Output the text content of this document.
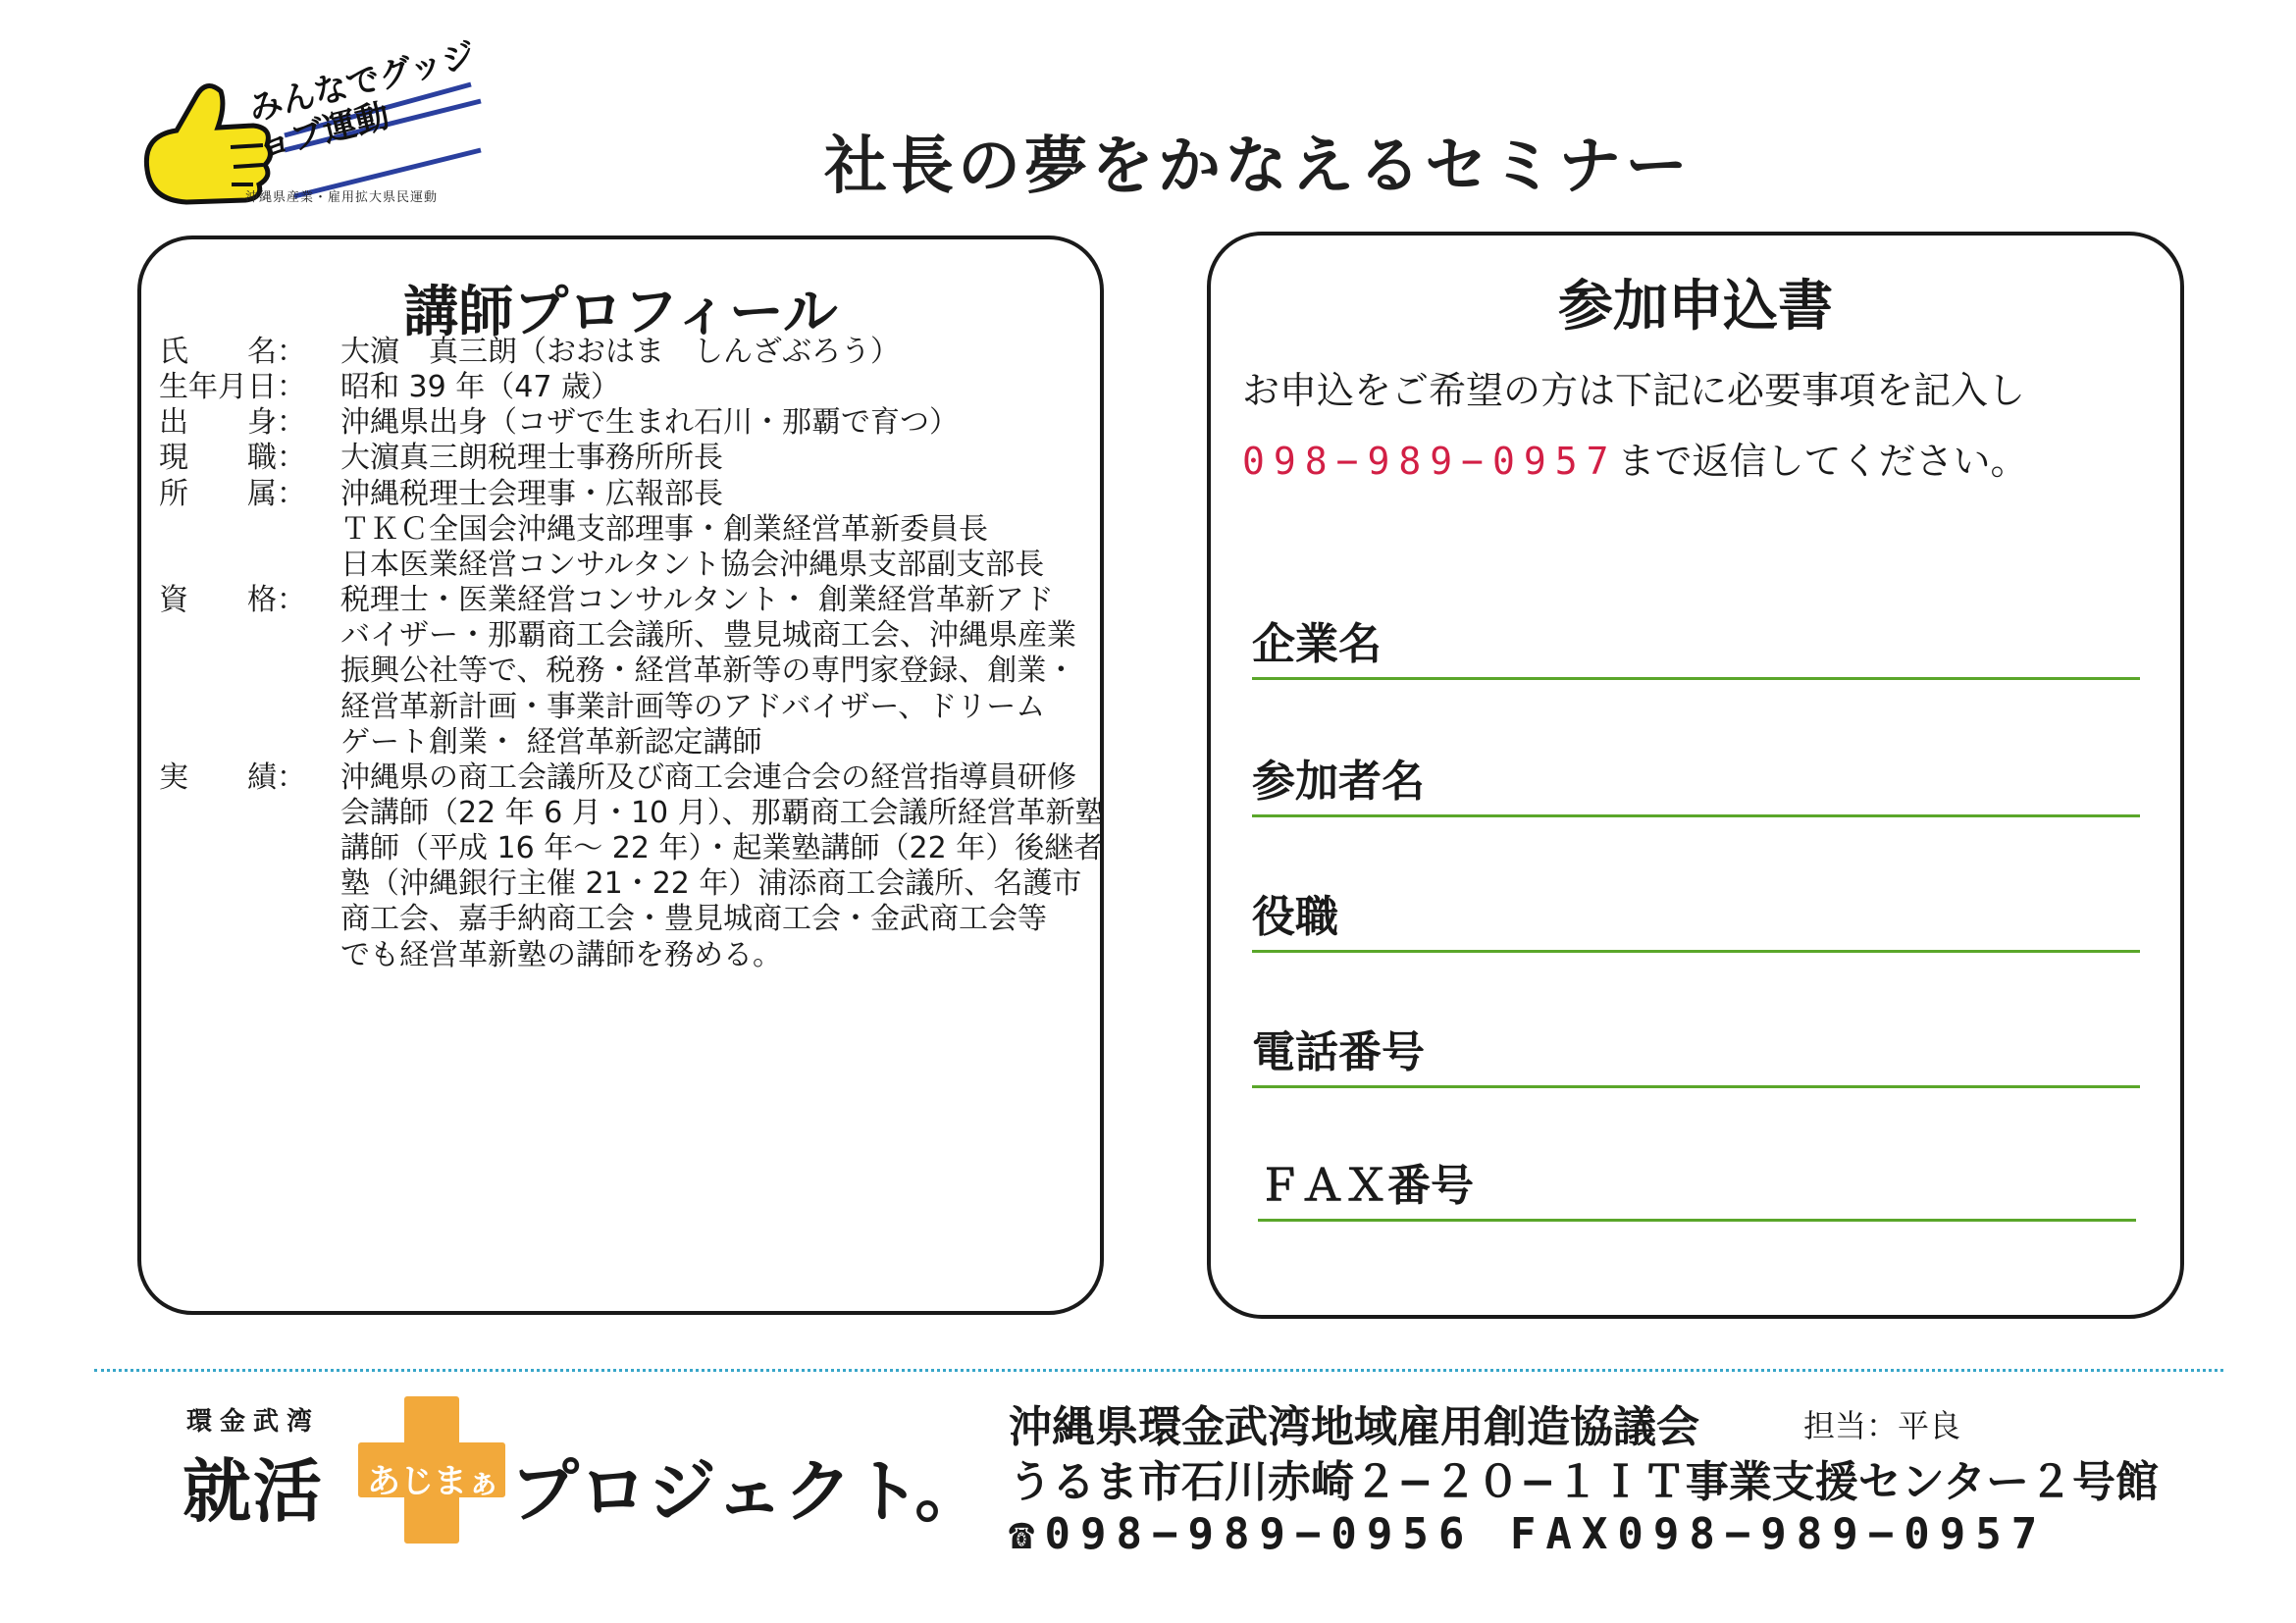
みんなでグッジョブ運動
沖縄県産業・雇用拡大県民運動	社長の夢をかなえるセミナー
講師プロフィール
氏　　名：	大濵　真三朗（おおはま　しんざぶろう）
生年月日：	昭和 39 年（47 歳）
出　　身：	沖縄県出身（コザで生まれ石川・那覇で育つ）
現　　職：	大濵真三朗税理士事務所所長
所　　属：	沖縄税理士会理事・広報部長
ＴＫＣ全国会沖縄支部理事・創業経営革新委員長
日本医業経営コンサルタント協会沖縄県支部副支部長
資　　格：	税理士・医業経営コンサルタント・ 創業経営革新アド
バイザー・那覇商工会議所、豊見城商工会、沖縄県産業
振興公社等で、税務・経営革新等の専門家登録、創業・
経営革新計画・事業計画等のアドバイザー、ドリーム
ゲート創業・ 経営革新認定講師
実　　績：	沖縄県の商工会議所及び商工会連合会の経営指導員研修
会講師（22 年 6 月・10 月）、那覇商工会議所経営革新塾
講師（平成 16 年～ 22 年）・起業塾講師（22 年）後継者
塾（沖縄銀行主催 21・22 年）浦添商工会議所、名護市
商工会、嘉手納商工会・豊見城商工会・金武商工会等
でも経営革新塾の講師を務める。
参加申込書
お申込をご希望の方は下記に必要事項を記入し
098−989−0957まで返信してください。
企業名
参加者名
役職
電話番号
ＦＡＸ番号
環金武湾
就活	あじまぁ プロジェクト。
沖縄県環金武湾地域雇用創造協議会	担当：平良
うるま市石川赤崎２−２０−１ＩＴ事業支援センター２号館
☎098−989−0956 FAX098−989−0957
